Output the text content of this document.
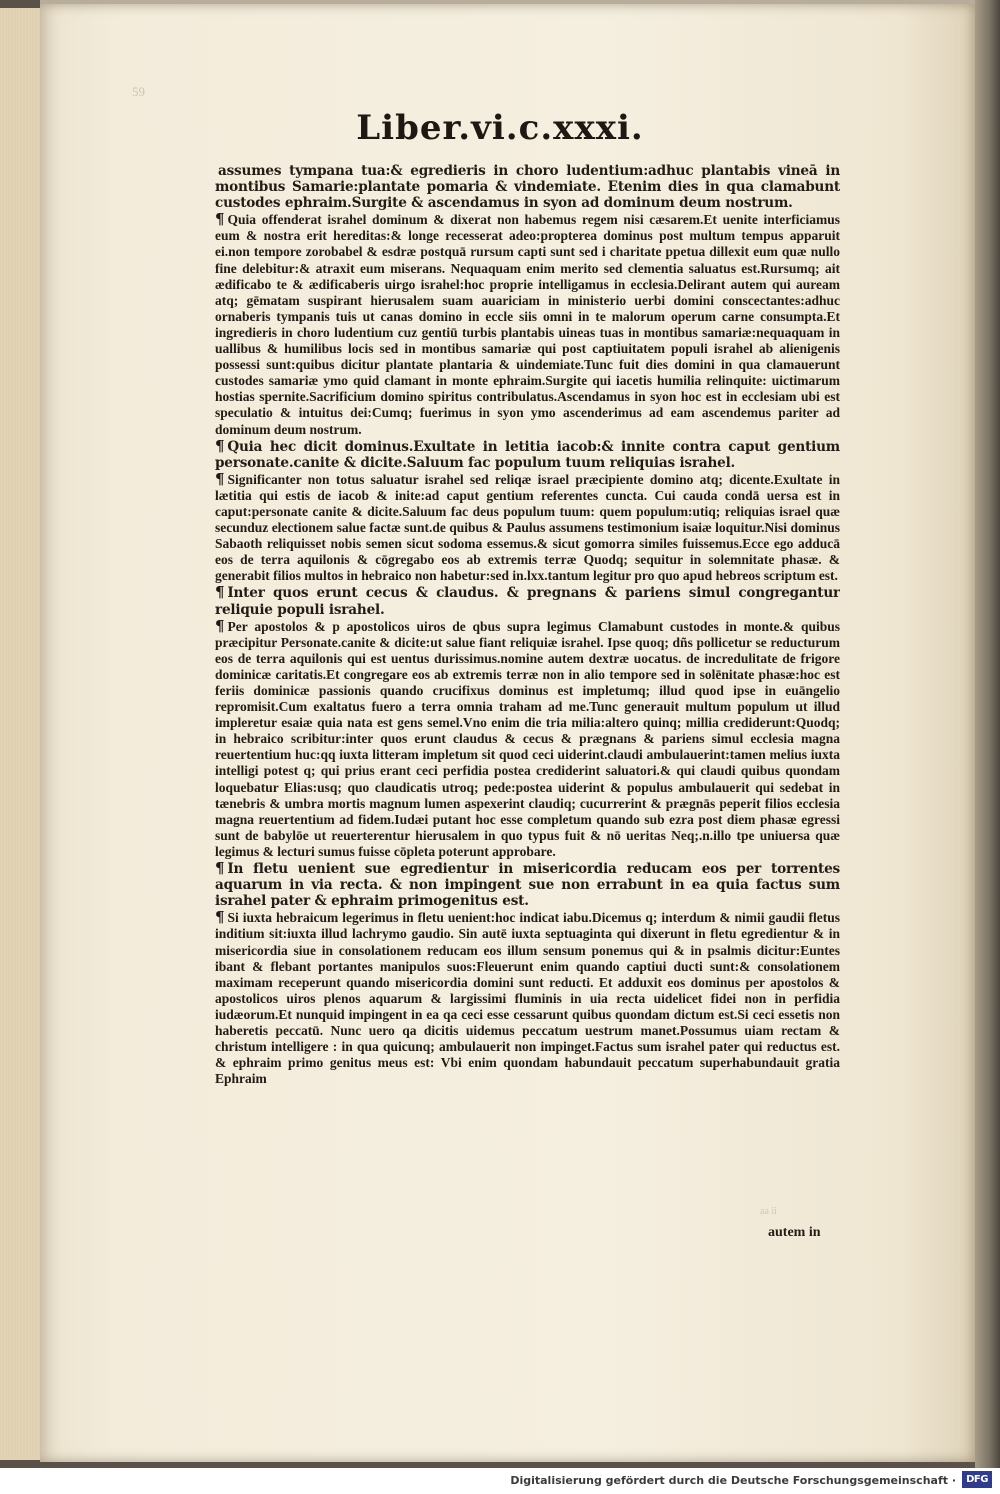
59
Liber.vi.c.xxxi.

assumes tympana tua:& egredieris in choro ludentium:adhuc plantabis vineā in montibus Samarie:plantate pomaria & vindemiate. Etenim dies in qua clamabunt custodes ephraim.Surgite & ascendamus in syon ad dominum deum nostrum.

¶ Quia offenderat israhel dominum & dixerat non habemus regem nisi cæsarem.Et uenite interficiamus eum & nostra erit hereditas:& longe recesserat adeo:propterea dominus post multum tempus apparuit ei.non tempore zorobabel & esdræ postquā rursum capti sunt sed i charitate ppetua dillexit eum quæ nullo fine delebitur:& atraxit eum miserans. Nequaquam enim merito sed clementia saluatus est.Rursumq; ait ædificabo te & ædificaberis uirgo israhel:hoc proprie intelligamus in ecclesia.Delirant autem qui auream atq; gēmatam suspirant hierusalem suam auariciam in ministerio uerbi domini conscectantes:adhuc ornaberis tympanis tuis ut canas domino in eccle siis omni in te malorum operum carne consumpta.Et ingredieris in choro ludentium cuz gentiū turbis plantabis uineas tuas in montibus samariæ:nequaquam in uallibus & humilibus locis sed in montibus samariæ qui post captiuitatem populi israhel ab alienigenis possessi sunt:quibus dicitur plantate plantaria & uindemiate.Tunc fuit dies domini in qua clamauerunt custodes samariæ ymo quid clamant in monte ephraim.Surgite qui iacetis humilia relinquite: uictimarum hostias spernite.Sacrificium domino spiritus contribulatus.Ascendamus in syon hoc est in ecclesiam ubi est speculatio & intuitus dei:Cumq; fuerimus in syon ymo ascenderimus ad eam ascendemus pariter ad dominum deum nostrum.

¶ Quia hec dicit dominus.Exultate in letitia iacob:& innite contra caput gentium personate.canite & dicite.Saluum fac populum tuum reliquias israhel.

¶ Significanter non totus saluatur israhel sed reliqæ israel præcipiente domino atq; dicente.Exultate in lætitia qui estis de iacob & inite:ad caput gentium referentes cuncta. Cui cauda condā uersa est in caput:personate canite & dicite.Saluum fac deus populum tuum: quem populum:utiq; reliquias israel quæ secunduz electionem salue factæ sunt.de quibus & Paulus assumens testimonium isaiæ loquitur.Nisi dominus Sabaoth reliquisset nobis semen sicut sodoma essemus.& sicut gomorra similes fuissemus.Ecce ego adducā eos de terra aquilonis & cōgregabo eos ab extremis terræ Quodq; sequitur in solemnitate phasæ. & generabit filios multos in hebraico non habetur:sed in.lxx.tantum legitur pro quo apud hebreos scriptum est.

¶ Inter quos erunt cecus & claudus. & pregnans & pariens simul congregantur reliquie populi israhel.

¶ Per apostolos & p apostolicos uiros de qbus supra legimus Clamabunt custodes in monte.& quibus præcipitur Personate.canite & dicite:ut salue fiant reliquiæ israhel. Ipse quoq; dñs pollicetur se reducturum eos de terra aquilonis qui est uentus durissimus.nomine autem dextræ uocatus. de incredulitate de frigore dominicæ caritatis.Et congregare eos ab extremis terræ non in alio tempore sed in solēnitate phasæ:hoc est feriis dominicæ passionis quando crucifixus dominus est impletumq; illud quod ipse in euāngelio repromisit.Cum exaltatus fuero a terra omnia traham ad me.Tunc generauit multum populum ut illud impleretur esaiæ quia nata est gens semel.Vno enim die tria milia:altero quinq; millia crediderunt:Quodq; in hebraico scribitur:inter quos erunt claudus & cecus & prægnans & pariens simul ecclesia magna reuertentium huc:qq iuxta litteram impletum sit quod ceci uiderint.claudi ambulauerint:tamen melius iuxta intelligi potest q; qui prius erant ceci perfidia postea crediderint saluatori.& qui claudi quibus quondam loquebatur Elias:usq; quo claudicatis utroq; pede:postea uiderint & populus ambulauerit qui sedebat in tænebris & umbra mortis magnum lumen aspexerint claudiq; cucurrerint & prægnās peperit filios ecclesia magna reuertentium ad fidem.Iudæi putant hoc esse completum quando sub ezra post diem phasæ egressi sunt de babylōe ut reuerterentur hierusalem in quo typus fuit & nō ueritas Neq;.n.illo tpe uniuersa quæ legimus & lecturi sumus fuisse cōpleta poterunt approbare.

¶ In fletu uenient sue egredientur in misericordia reducam eos per torrentes aquarum in via recta. & non impingent sue non errabunt in ea quia factus sum israhel pater & ephraim primogenitus est.

¶ Si iuxta hebraicum legerimus in fletu uenient:hoc indicat iabu.Dicemus q; interdum & nimii gaudii fletus inditium sit:iuxta illud lachrymo gaudio. Sin autē iuxta septuaginta qui dixerunt in fletu egredientur & in misericordia siue in consolationem reducam eos illum sensum ponemus qui & in psalmis dicitur:Euntes ibant & flebant portantes manipulos suos:Fleuerunt enim quando captiui ducti sunt:& consolationem maximam receperunt quando misericordia domini sunt reducti. Et adduxit eos dominus per apostolos & apostolicos uiros plenos aquarum & largissimi fluminis in uia recta uidelicet fidei non in perfidia iudæorum.Et nunquid impingent in ea qa ceci esse cessarunt quibus quondam dictum est.Si ceci essetis non haberetis peccatū. Nunc uero qa dicitis uidemus peccatum uestrum manet.Possumus uiam rectam & christum intelligere : in qua quicunq; ambulauerit non impinget.Factus sum israhel pater qui reductus est. & ephraim primo genitus meus est: Vbi enim quondam habundauit peccatum superhabundauit gratia Ephraim

aa ii
autem in
Digitalisierung gefördert durch die Deutsche Forschungsgemeinschaft ·	DFG
